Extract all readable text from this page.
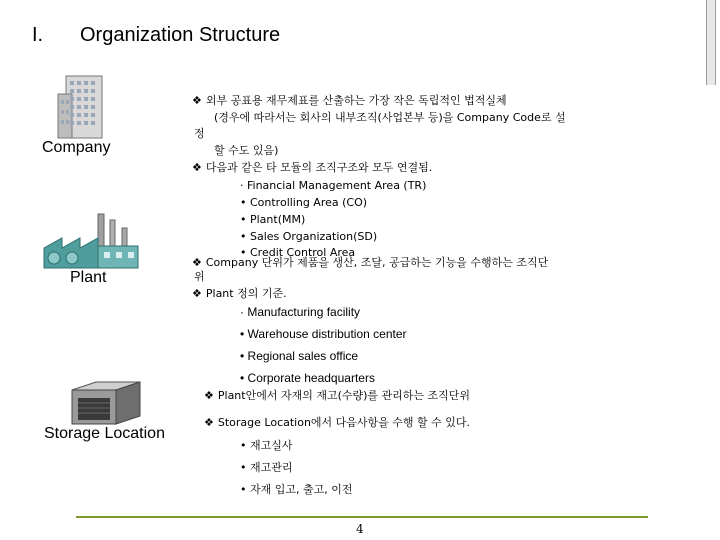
I. Organization Structure
Company
❖ 외부 공표용 재무제표를 산출하는 가장 작은 독립적인 법적실체
(경우에 따라서는 회사의 내부조직(사업본부 등)을 Company Code로 설
정
할 수도 있음)
❖ 다음과 같은 타 모듈의 조직구조와 모두 연결됨.
· Financial Management Area (TR)
• Controlling Area (CO)
• Plant(MM)
• Sales Organization(SD)
• Credit Control Area
Plant
❖ Company 단위가 제품을 생산, 조달, 공급하는 기능을 수행하는 조직단
위
❖ Plant 정의 기준.
· Manufacturing facility
• Warehouse distribution center
• Regional sales office
• Corporate headquarters
Storage Location
❖ Plant안에서 자재의 재고(수량)를 관리하는 조직단위
❖ Storage Location에서 다음사항을 수행 할 수 있다.
• 재고실사
• 재고관리
• 자재 입고, 출고, 이전
4
